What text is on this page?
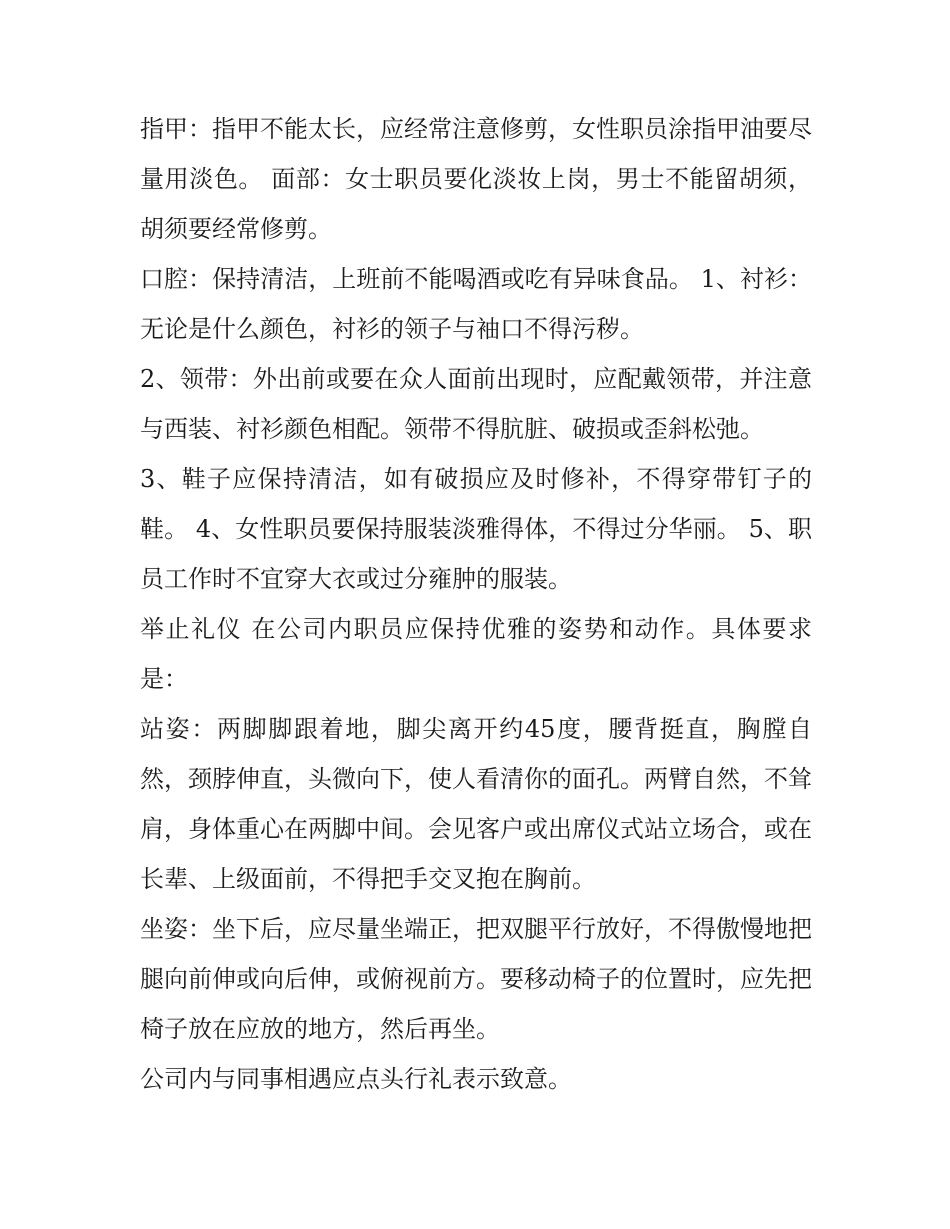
指甲：指甲不能太长，应经常注意修剪，女性职员涂指甲油要尽量用淡色。 面部：女士职员要化淡妆上岗，男士不能留胡须，胡须要经常修剪。

口腔：保持清洁，上班前不能喝酒或吃有异味食品。 1、衬衫：无论是什么颜色，衬衫的领子与袖口不得污秽。

2、领带：外出前或要在众人面前出现时，应配戴领带，并注意与西装、衬衫颜色相配。领带不得肮脏、破损或歪斜松弛。

3、鞋子应保持清洁，如有破损应及时修补，不得穿带钉子的鞋。 4、女性职员要保持服装淡雅得体，不得过分华丽。 5、职员工作时不宜穿大衣或过分雍肿的服装。

举止礼仪 在公司内职员应保持优雅的姿势和动作。具体要求是：

站姿：两脚脚跟着地，脚尖离开约45度，腰背挺直，胸膛自然，颈脖伸直，头微向下，使人看清你的面孔。两臂自然，不耸肩，身体重心在两脚中间。会见客户或出席仪式站立场合，或在长辈、上级面前，不得把手交叉抱在胸前。

坐姿：坐下后，应尽量坐端正，把双腿平行放好，不得傲慢地把腿向前伸或向后伸，或俯视前方。要移动椅子的位置时，应先把椅子放在应放的地方，然后再坐。

公司内与同事相遇应点头行礼表示致意。
